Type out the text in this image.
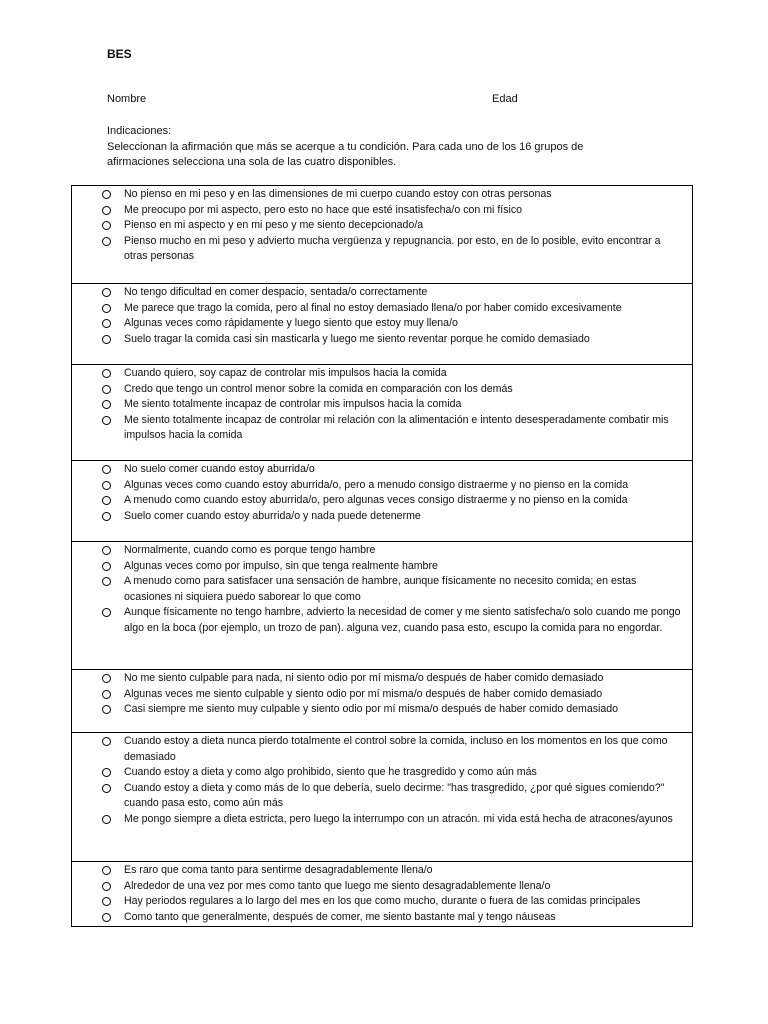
BES
Nombre	Edad

Indicaciones:

Seleccionan la afirmación que más se acerque a tu condición. Para cada uno de los 16 grupos de afirmaciones selecciona una sola de las cuatro disponibles.

No pienso en mi peso y en las dimensiones de mi cuerpo cuando estoy con otras personas
Me preocupo por mi aspecto, pero esto no hace que esté insatisfecha/o con mi físico
Pienso en mi aspecto y en mi peso y me siento decepcionado/a
Pienso mucho en mi peso y advierto mucha vergüenza y repugnancia. por esto, en de lo posible, evito encontrar a otras personas

No tengo dificultad en comer despacio, sentada/o correctamente
Me parece que trago la comida, pero al final no estoy demasiado llena/o por haber comido excesivamente
Algunas veces como rápidamente y luego siento que estoy muy llena/o
Suelo tragar la comida casi sin masticarla y luego me siento reventar porque he comido demasiado

Cuando quiero, soy capaz de controlar mis impulsos hacia la comida
Credo que tengo un control menor sobre la comida en comparación con los demás
Me siento totalmente incapaz de controlar mis impulsos hacia la comida
Me siento totalmente incapaz de controlar mi relación con la alimentación e intento desesperadamente combatir mis impulsos hacia la comida

No suelo comer cuando estoy aburrida/o
Algunas veces como cuando estoy aburrida/o, pero a menudo consigo distraerme y no pienso en la comida
A menudo como cuando estoy aburrida/o, pero algunas veces consigo distraerme y no pienso en la comida
Suelo comer cuando estoy aburrida/o y nada puede detenerme

Normalmente, cuando como es porque tengo hambre
Algunas veces como por impulso, sin que tenga realmente hambre
A menudo como para satisfacer una sensación de hambre, aunque físicamente no necesito comida; en estas ocasiones ni siquiera puedo saborear lo que como
Aunque físicamente no tengo hambre, advierto la necesidad de comer y me siento satisfecha/o solo cuando me pongo algo en la boca (por ejemplo, un trozo de pan). alguna vez, cuando pasa esto, escupo la comida para no engordar.

No me siento culpable para nada, ni siento odio por mí misma/o después de haber comido demasiado
Algunas veces me siento culpable y siento odio por mí misma/o después de haber comido demasiado
Casi siempre me siento muy culpable y siento odio por mí misma/o después de haber comido demasiado

Cuando estoy a dieta nunca pierdo totalmente el control sobre la comida, incluso en los momentos en los que como demasiado
Cuando estoy a dieta y como algo prohibido, siento que he trasgredido y como aún más
Cuando estoy a dieta y como más de lo que debería, suelo decirme: "has trasgredido, ¿por qué sigues comiendo?" cuando pasa esto, como aún más
Me pongo siempre a dieta estricta, pero luego la interrumpo con un atracón. mi vida está hecha de atracones/ayunos

Es raro que coma tanto para sentirme desagradablemente llena/o
Alrededor de una vez por mes como tanto que luego me siento desagradablemente llena/o
Hay periodos regulares a lo largo del mes en los que como mucho, durante o fuera de las comidas principales
Como tanto que generalmente, después de comer, me siento bastante mal y tengo náuseas
